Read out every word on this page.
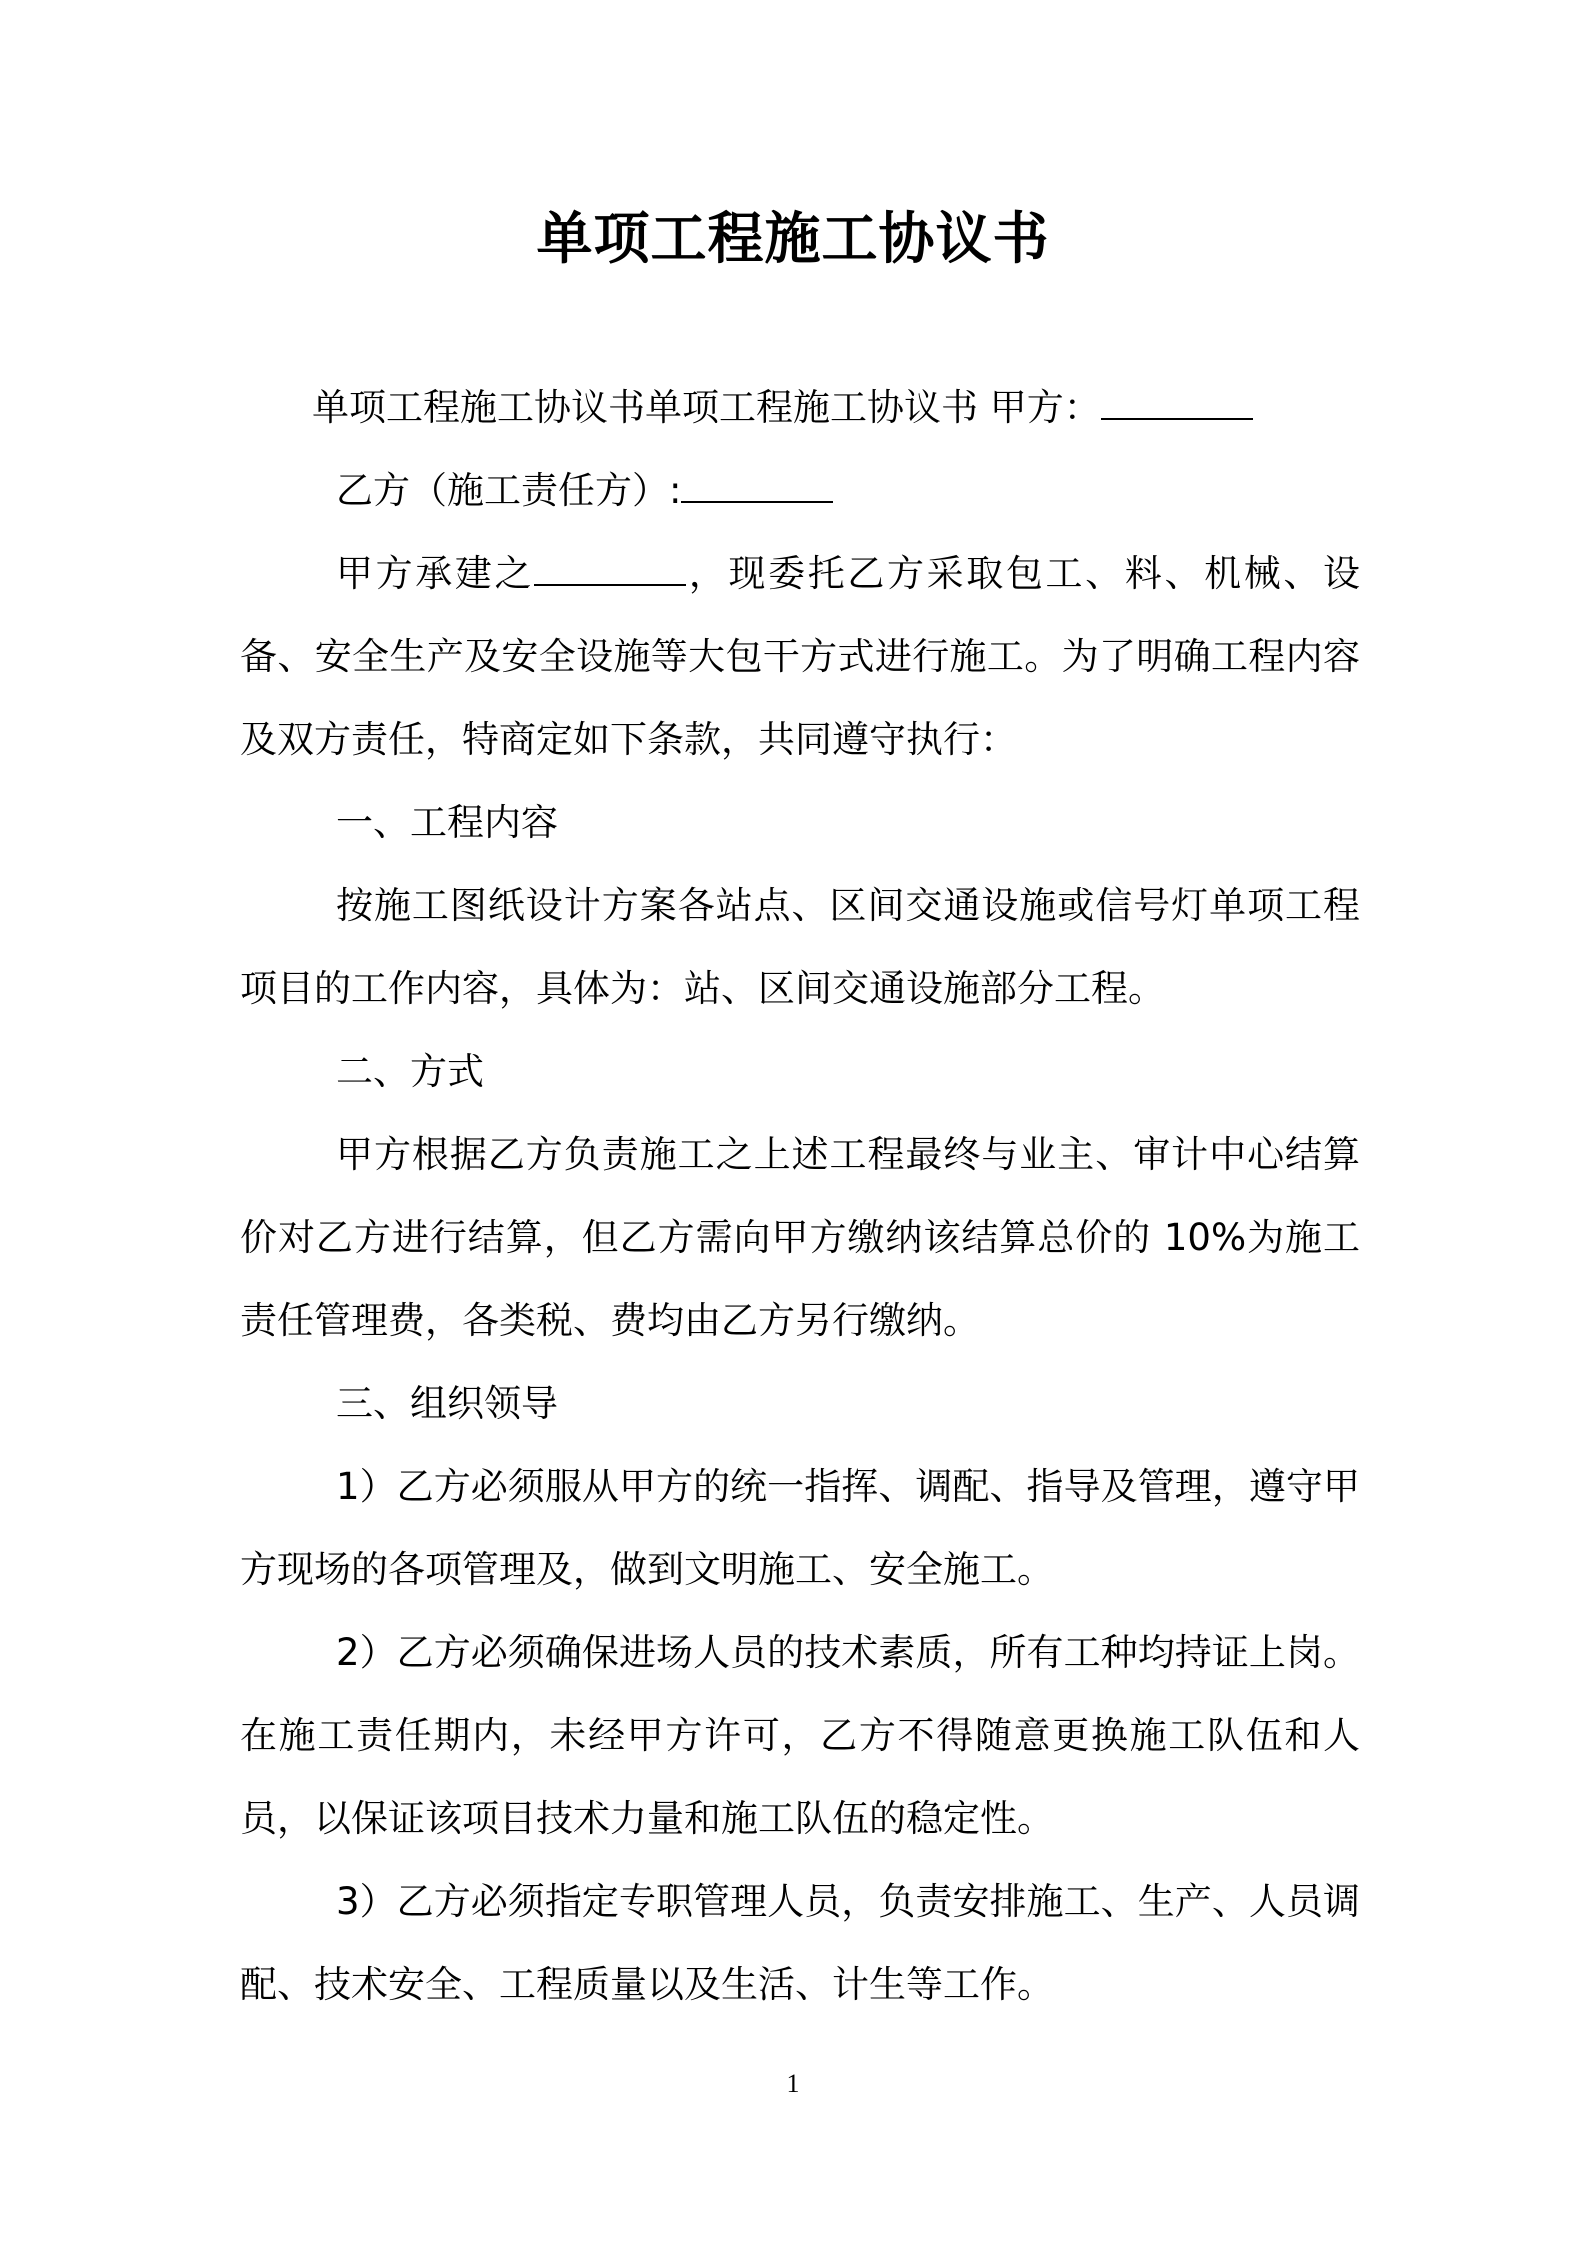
单项工程施工协议书

单项工程施工协议书单项工程施工协议书 甲方：

乙方（施工责任方）:

甲方承建之	，现委托乙方采取包工、料、机械、设备、安全生产及安全设施等大包干方式进行施工。为了明确工程内容及双方责任，特商定如下条款，共同遵守执行：

一、工程内容

按施工图纸设计方案各站点、区间交通设施或信号灯单项工程项目的工作内容，具体为：站、区间交通设施部分工程。

二、方式

甲方根据乙方负责施工之上述工程最终与业主、审计中心结算价对乙方进行结算，但乙方需向甲方缴纳该结算总价的 10%为施工责任管理费，各类税、费均由乙方另行缴纳。

三、组织领导

1）乙方必须服从甲方的统一指挥、调配、指导及管理，遵守甲方现场的各项管理及，做到文明施工、安全施工。

2）乙方必须确保进场人员的技术素质，所有工种均持证上岗。在施工责任期内，未经甲方许可，乙方不得随意更换施工队伍和人员，以保证该项目技术力量和施工队伍的稳定性。

3）乙方必须指定专职管理人员，负责安排施工、生产、人员调配、技术安全、工程质量以及生活、计生等工作。

1
